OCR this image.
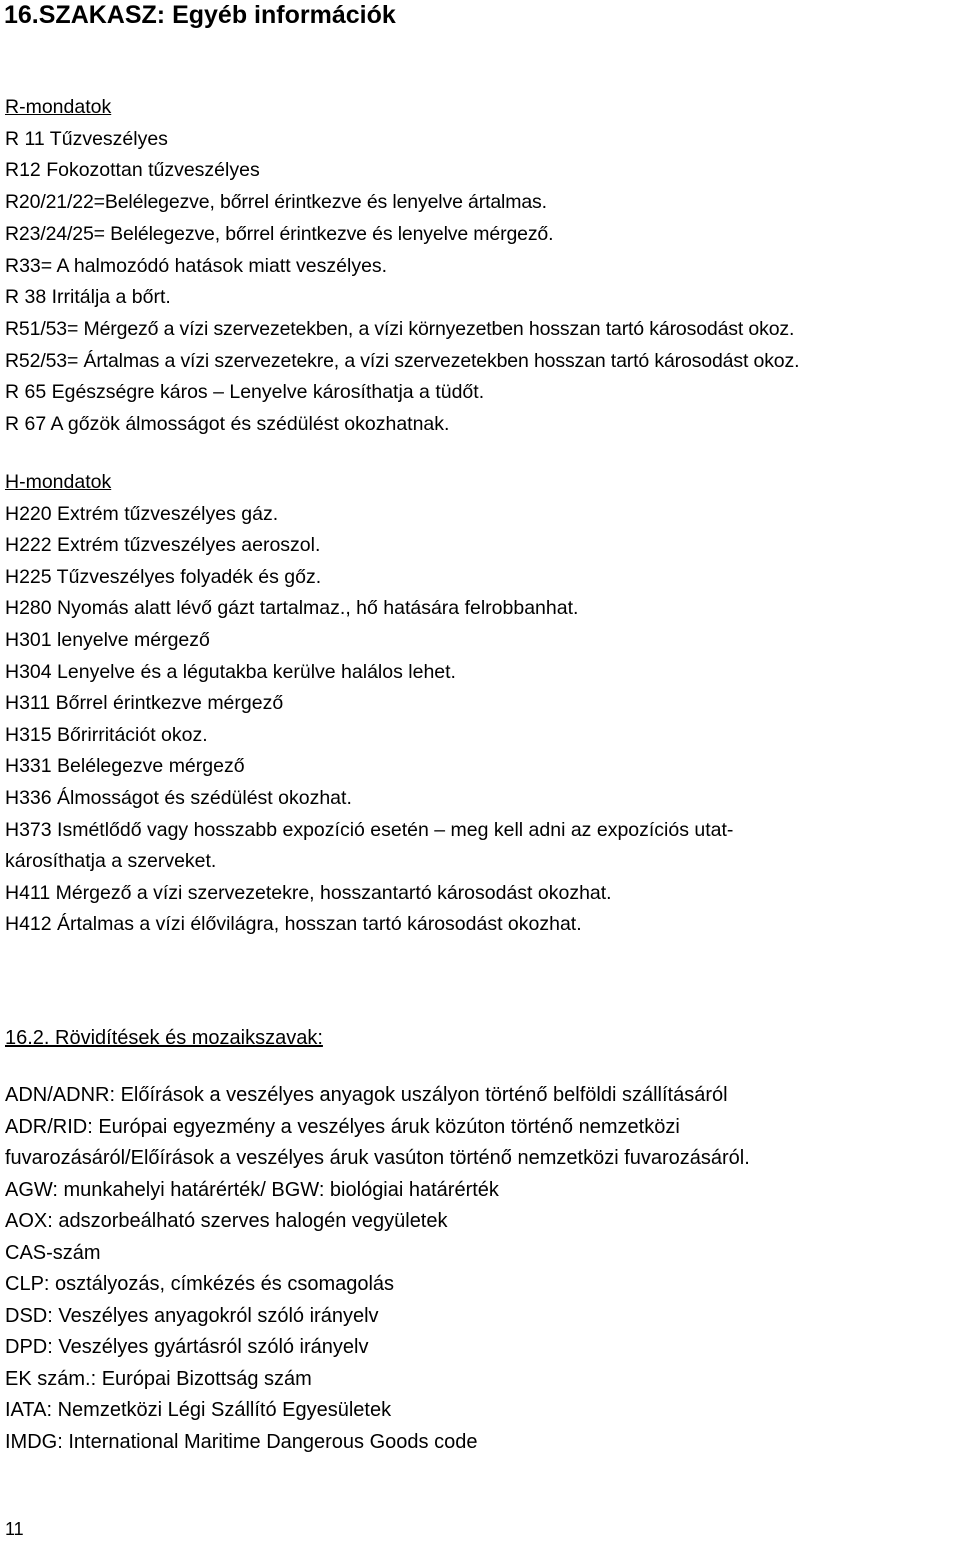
16.SZAKASZ: Egyéb információk
R-mondatok
R 11 Tűzveszélyes
R12 Fokozottan tűzveszélyes
R20/21/22=Belélegezve, bőrrel érintkezve és lenyelve ártalmas.
R23/24/25= Belélegezve, bőrrel érintkezve és lenyelve mérgező.
R33= A halmozódó hatások miatt veszélyes.
R 38 Irritálja a bőrt.
R51/53= Mérgező a vízi szervezetekben, a vízi környezetben hosszan tartó károsodást okoz.
R52/53= Ártalmas a vízi szervezetekre, a vízi szervezetekben hosszan tartó károsodást okoz.
R 65 Egészségre káros – Lenyelve károsíthatja a tüdőt.
R 67 A gőzök álmosságot és szédülést okozhatnak.
H-mondatok
H220 Extrém tűzveszélyes gáz.
H222 Extrém tűzveszélyes aeroszol.
H225 Tűzveszélyes folyadék és gőz.
H280 Nyomás alatt lévő gázt tartalmaz., hő hatására felrobbanhat.
H301 lenyelve mérgező
H304 Lenyelve és a légutakba kerülve halálos lehet.
H311 Bőrrel érintkezve mérgező
H315 Bőrirritációt okoz.
H331 Belélegezve mérgező
H336 Álmosságot és szédülést okozhat.
H373 Ismétlődő vagy hosszabb expozíció esetén – meg kell adni az expozíciós utat-
károsíthatja a szerveket.
H411 Mérgező a vízi szervezetekre, hosszantartó károsodást okozhat.
H412 Ártalmas a vízi élővilágra, hosszan tartó károsodást okozhat.
16.2. Rövidítések és mozaikszavak:
ADN/ADNR: Előírások a veszélyes anyagok uszályon történő belföldi szállításáról
ADR/RID: Európai egyezmény a veszélyes áruk közúton történő nemzetközi
fuvarozásáról/Előírások a veszélyes áruk vasúton történő nemzetközi fuvarozásáról.
AGW: munkahelyi határérték/ BGW: biológiai határérték
AOX: adszorbeálható szerves halogén vegyületek
CAS-szám
CLP: osztályozás, címkézés és csomagolás
DSD: Veszélyes anyagokról szóló irányelv
DPD: Veszélyes gyártásról szóló irányelv
EK szám.: Európai Bizottság szám
IATA: Nemzetközi Légi Szállító Egyesületek
IMDG: International Maritime Dangerous Goods code
11
